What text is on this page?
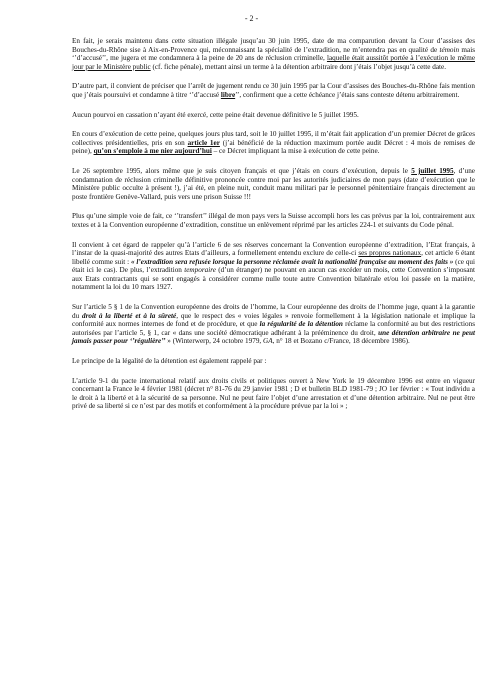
- 2 -

En fait, je serais maintenu dans cette situation illégale jusqu’au 30 juin 1995, date de ma comparution devant la Cour d’assises des Bouches-du-Rhône sise à Aix-en-Provence qui, méconnaissant la spécialité de l’extradition, ne m’entendra pas en qualité de témoin mais ‘’d’accusé’’, me jugera et me condamnera à la peine de 20 ans de réclusion criminelle, laquelle était aussitôt portée à l’exécution le même jour par le Ministère public (cf. fiche pénale), mettant ainsi un terme à la détention arbitraire dont j’étais l’objet jusqu’à cette date.

D’autre part, il convient de préciser que l’arrêt de jugement rendu ce 30 juin 1995 par la Cour d’assises des Bouches-du-Rhône fais mention que j’étais poursuivi et condamne à titre ‘’d’accusé libre’’, confirment que a cette échéance j’étais sans conteste détenu arbitrairement.

Aucun pourvoi en cassation n’ayant été exercé, cette peine était devenue définitive le 5 juillet 1995.

En cours d’exécution de cette peine, quelques jours plus tard, soit le 10 juillet 1995, il m’était fait application d’un premier Décret de grâces collectives présidentielles, pris en son article 1er (j’ai bénéficié de la réduction maximum portée audit Décret : 4 mois de remises de peine), qu’on s’emploie à me nier aujourd’hui – ce Décret impliquant la mise à exécution de cette peine.

Le 26 septembre 1995, alors même que je suis citoyen français et que j’étais en cours d’exécution, depuis le 5 juillet 1995, d’une condamnation de réclusion criminelle définitive prononcée contre moi par les autorités judiciaires de mon pays (date d’exécution que le Ministère public occulte à présent !), j’ai été, en pleine nuit, conduit manu militari par le personnel pénitentiaire français directement au poste frontière Genève-Vallard, puis vers une prison Suisse !!!

Plus qu’une simple voie de fait, ce ‘’transfert’’ illégal de mon pays vers la Suisse accompli hors les cas prévus par la loi, contrairement aux textes et à la Convention européenne d’extradition, constitue un enlèvement réprimé par les articles 224-1 et suivants du Code pénal.

Il convient à cet égard de rappeler qu’à l’article 6 de ses réserves concernant la Convention européenne d’extradition, l’Etat français, à l’instar de la quasi-majorité des autres Etats d’ailleurs, a formellement entendu exclure de celle-ci ses propres nationaux, cet article 6 étant libellé comme suit : « l’extradition sera refusée lorsque la personne réclamée avait la nationalité française au moment des faits » (ce qui était ici le cas). De plus, l’extradition temporaire (d’un étranger) ne pouvant en aucun cas excéder un mois, cette Convention s’imposant aux Etats contractants qui se sont engagés à considérer comme nulle toute autre Convention bilatérale et/ou loi passée en la matière, notamment la loi du 10 mars 1927.

Sur l’article 5 § 1 de la Convention européenne des droits de l’homme, la Cour européenne des droits de l’homme juge, quant à la garantie du droit à la liberté et à la sûreté, que le respect des « voies légales » renvoie formellement à la législation nationale et implique la conformité aux normes internes de fond et de procédure, et que la régularité de la détention réclame la conformité au but des restrictions autorisées par l’article 5, § 1, car « dans une société démocratique adhérant à la prééminence du droit, une détention arbitraire ne peut jamais passer pour ‘’régulière’’ » (Winterwerp, 24 octobre 1979, GA, n° 18 et Bozano c/France, 18 décembre 1986).

Le principe de la légalité de la détention est également rappelé par :

L’article 9-1 du pacte international relatif aux droits civils et politiques ouvert à New York le 19 décembre 1996 est entre en vigueur concernant la France le 4 février 1981 (décret n° 81-76 du 29 janvier 1981 ; D et bulletin BLD 1981-79 ; JO 1er février : « Tout individu a le droit à la liberté et à la sécurité de sa personne. Nul ne peut faire l’objet d’une arrestation et d’une détention arbitraire. Nul ne peut être privé de sa liberté si ce n’est par des motifs et conformément à la procédure prévue par la loi » ;
